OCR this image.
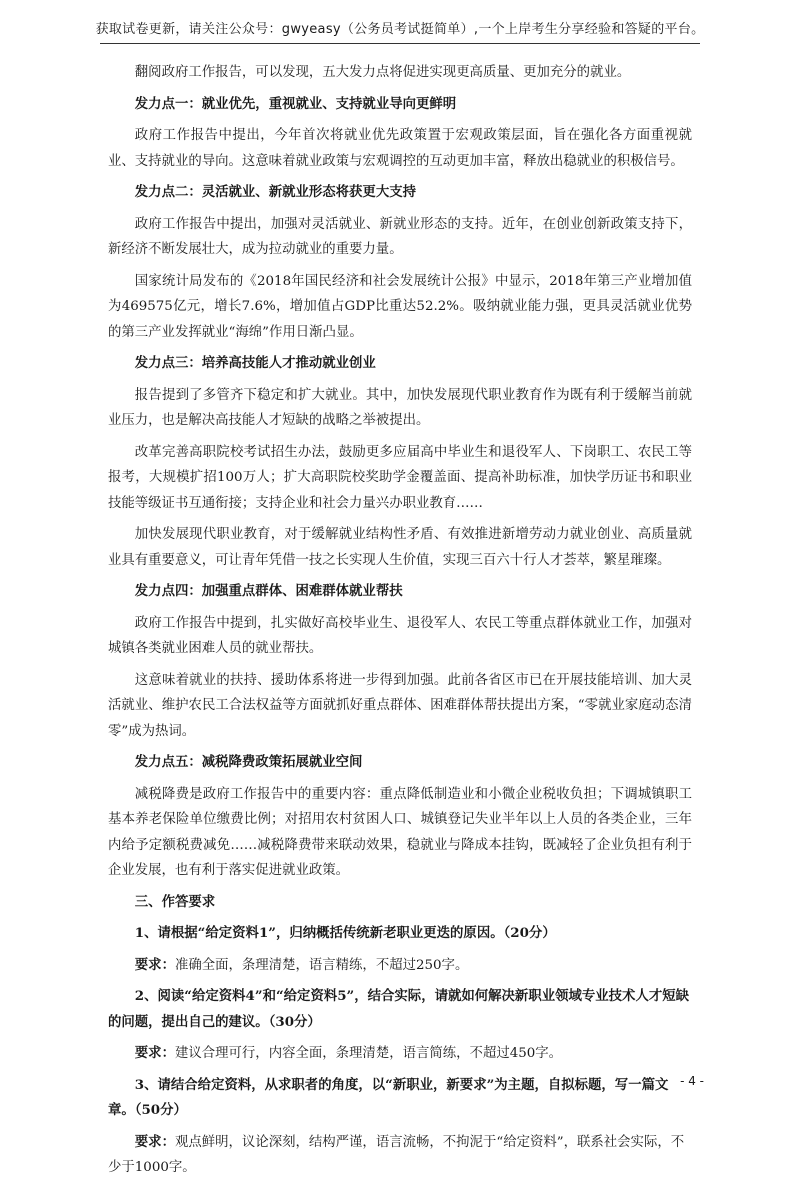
获取试卷更新，请关注公众号：gwyeasy（公务员考试挺简单）,一个上岸考生分享经验和答疑的平台。

翻阅政府工作报告，可以发现，五大发力点将促进实现更高质量、更加充分的就业。

发力点一：就业优先，重视就业、支持就业导向更鲜明

政府工作报告中提出，今年首次将就业优先政策置于宏观政策层面，旨在强化各方面重视就业、支持就业的导向。这意味着就业政策与宏观调控的互动更加丰富，释放出稳就业的积极信号。

发力点二：灵活就业、新就业形态将获更大支持

政府工作报告中提出，加强对灵活就业、新就业形态的支持。近年，在创业创新政策支持下，新经济不断发展壮大，成为拉动就业的重要力量。

国家统计局发布的《2018年国民经济和社会发展统计公报》中显示，2018年第三产业增加值为469575亿元，增长7.6%，增加值占GDP比重达52.2%。吸纳就业能力强，更具灵活就业优势的第三产业发挥就业“海绵”作用日渐凸显。

发力点三：培养高技能人才推动就业创业

报告提到了多管齐下稳定和扩大就业。其中，加快发展现代职业教育作为既有利于缓解当前就业压力，也是解决高技能人才短缺的战略之举被提出。

改革完善高职院校考试招生办法，鼓励更多应届高中毕业生和退役军人、下岗职工、农民工等报考，大规模扩招100万人；扩大高职院校奖助学金覆盖面、提高补助标准，加快学历证书和职业技能等级证书互通衔接；支持企业和社会力量兴办职业教育……

加快发展现代职业教育，对于缓解就业结构性矛盾、有效推进新增劳动力就业创业、高质量就业具有重要意义，可让青年凭借一技之长实现人生价值，实现三百六十行人才荟萃，繁星璀璨。

发力点四：加强重点群体、困难群体就业帮扶

政府工作报告中提到，扎实做好高校毕业生、退役军人、农民工等重点群体就业工作，加强对城镇各类就业困难人员的就业帮扶。

这意味着就业的扶持、援助体系将进一步得到加强。此前各省区市已在开展技能培训、加大灵活就业、维护农民工合法权益等方面就抓好重点群体、困难群体帮扶提出方案，“零就业家庭动态清零”成为热词。

发力点五：减税降费政策拓展就业空间

减税降费是政府工作报告中的重要内容：重点降低制造业和小微企业税收负担；下调城镇职工基本养老保险单位缴费比例；对招用农村贫困人口、城镇登记失业半年以上人员的各类企业，三年内给予定额税费减免……减税降费带来联动效果，稳就业与降成本挂钩，既减轻了企业负担有利于企业发展，也有利于落实促进就业政策。

三、作答要求

1、请根据“给定资料1”，归纳概括传统新老职业更迭的原因。（20分）

要求：准确全面，条理清楚，语言精练，不超过250字。

2、阅读“给定资料4”和“给定资料5”，结合实际，请就如何解决新职业领域专业技术人才短缺的问题，提出自己的建议。（30分）

要求：建议合理可行，内容全面，条理清楚，语言简练，不超过450字。

3、请结合给定资料，从求职者的角度，以“新职业，新要求”为主题，自拟标题，写一篇文章。（50分）

要求：观点鲜明，议论深刻，结构严谨，语言流畅，不拘泥于“给定资料”，联系社会实际，不少于1000字。

- 4 -
